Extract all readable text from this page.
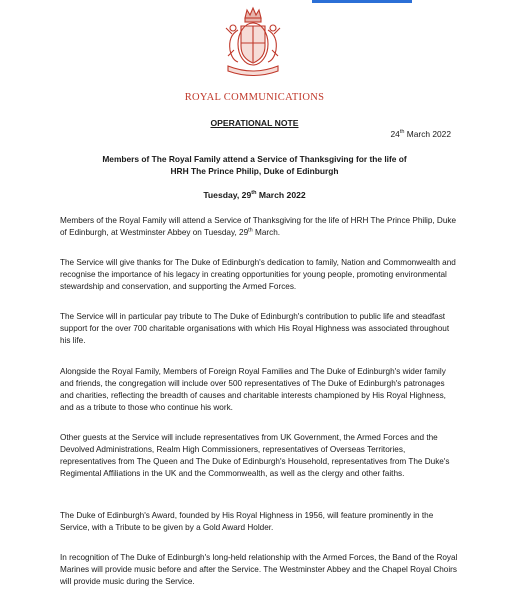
ROYAL COMMUNICATIONS
OPERATIONAL NOTE
24th March 2022
Members of The Royal Family attend a Service of Thanksgiving for the life of
HRH The Prince Philip, Duke of Edinburgh
Tuesday, 29th March 2022

Members of the Royal Family will attend a Service of Thanksgiving for the life of HRH The Prince Philip, Duke of Edinburgh, at Westminster Abbey on Tuesday, 29th March.

The Service will give thanks for The Duke of Edinburgh's dedication to family, Nation and Commonwealth and recognise the importance of his legacy in creating opportunities for young people, promoting environmental stewardship and conservation, and supporting the Armed Forces.

The Service will in particular pay tribute to The Duke of Edinburgh's contribution to public life and steadfast support for the over 700 charitable organisations with which His Royal Highness was associated throughout his life.

Alongside the Royal Family, Members of Foreign Royal Families and The Duke of Edinburgh's wider family and friends, the congregation will include over 500 representatives of The Duke of Edinburgh's patronages and charities, reflecting the breadth of causes and charitable interests championed by His Royal Highness, and as a tribute to those who continue his work.

Other guests at the Service will include representatives from UK Government, the Armed Forces and the Devolved Administrations, Realm High Commissioners, representatives of Overseas Territories, representatives from The Queen and The Duke of Edinburgh's Household, representatives from The Duke's Regimental Affiliations in the UK and the Commonwealth, as well as the clergy and other faiths.

The Duke of Edinburgh's Award, founded by His Royal Highness in 1956, will feature prominently in the Service, with a Tribute to be given by a Gold Award Holder.

In recognition of The Duke of Edinburgh's long-held relationship with the Armed Forces, the Band of the Royal Marines will provide music before and after the Service. The Westminster Abbey and the Chapel Royal Choirs will provide music during the Service.
